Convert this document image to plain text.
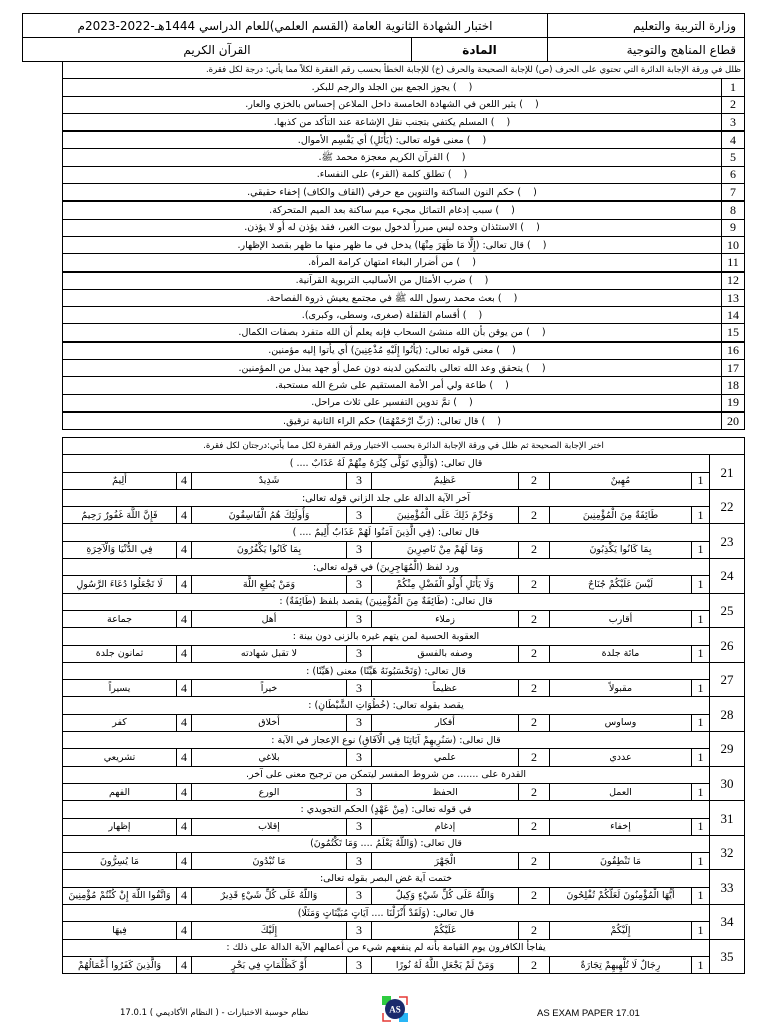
وزارة التربية والتعليم	اختبار الشهادة الثانوية العامة (القسم العلمي)للعام الدراسي 1444هـ-2022-2023م	
قطاع المناهج والتوجية	المادة	القرآن الكريم
ظلل في ورقة الإجابة الدائرة التي تحتوي على الحرف (ص) للإجابة الصحيحة والحرف (خ) للإجابة الخطأ بحسب رقم الفقرة لكلاً مما يأتي: درجة لكل فقرة.	
1	(    ) يجوز الجمع بين الجلد والرجم للبكر.
2	(    ) يثير اللعن في الشهادة الخامسة داخل الملاعن إحساس بالخزي والعار.
3	(    ) المسلم يكتفي بتجنب نقل الإشاعة عند التأكد من كذبها.
4	(    ) معنى قوله تعالى: (يَأْتَلِ) أي يَقْسِم الأموال.
5	(    ) القرآن الكريم معجزة محمد ﷺ.
6	(    ) تطلق كلمة (القرء) على النفساء.
7	(    ) حكم النون الساكنة والتنوين مع حرفي (القاف والكاف) إخفاء حقيقي.
8	(    ) سبب إدغام التماثل مجيء ميم ساكنة بعد الميم المتحركة.
9	(    ) الاستئذان وحده ليس مبرراً لدخول بيوت الغير، فقد يؤذن له أو لا يؤذن.
10	(    ) قال تعالى: (إِلَّا مَا ظَهَرَ مِنْهَا) يدخل في ما ظهر منها ما ظهر بقصد الإظهار.
11	(    ) من أضرار البغاء امتهان كرامة المرأة.
12	(    ) ضرب الأمثال من الأساليب التربوية القرآنية.
13	(    ) بعث محمد رسول الله ﷺ في مجتمع يعيش ذروة الفصاحة.
14	(    ) أقسام القلقلة (صغرى، وسطى، وكبرى).
15	(    ) من يوقن بأن الله منشئ السحاب فإنه يعلم أن الله متفرد بصفات الكمال.
16	(    ) معنى قوله تعالى: (يَأْتُوا إِلَيْهِ مُذْعِنِينَ) أي يأتوا إليه مؤمنين.
17	(    ) يتحقق وعد الله تعالى بالتمكين لدينه دون عمل أو جهد يبذل من المؤمنين.
18	(    ) طاعة ولي أمر الأمة المستقيم على شرع الله مستحبة.
19	(    ) تمَّ تدوين التفسير على ثلاث مراحل.
20	(    ) قال تعالى: (رَبِّ ارْحَمْهُمَا) حكم الراء الثانية ترقيق.
اختر الإجابة الصحيحة ثم ظلل في ورقة الإجابة الدائرة بحسب الاختيار ورقم الفقرة لكل مما يأتي:درجتان لكل فقرة.								
21	قال تعالى: (وَالَّذِي تَوَلَّى كِبْرَهُ مِنْهُمْ لَهُ عَذَابٌ .... )							
	1	مُهِينٌ	2	عَظِيمٌ	3	شَدِيدٌ	4	أَلِيمٌ
22	آخر الآية الدالة على جلد الزاني قوله تعالى:							
	1	طَائِفَةٌ مِنَ الْمُؤْمِنِينَ	2	وَحُرِّمَ ذَلِكَ عَلَى الْمُؤْمِنِينَ	3	وَأُولَئِكَ هُمُ الْفَاسِقُونَ	4	فَإِنَّ اللَّهَ غَفُورٌ رَحِيمٌ
23	قال تعالى: (فِي الَّذِينَ آمَنُوا لَهُمْ عَذَابٌ أَلِيمٌ .... )							
	1	بِمَا كَانُوا يَكْذِبُونَ	2	وَمَا لَهُمْ مِنْ نَاصِرِينَ	3	بِمَا كَانُوا يَكْفُرُونَ	4	فِي الدُّنْيَا وَالْآخِرَةِ
24	ورد لفظ (الْمُهَاجِرِينَ) في قوله تعالى:							
	1	لَيْسَ عَلَيْكُمْ جُنَاحٌ	2	وَلَا يَأْتَلِ أُولُو الْفَضْلِ مِنْكُمْ	3	وَمَنْ يُطِعِ اللَّهَ	4	لَا تَجْعَلُوا دُعَاءَ الرَّسُولِ
25	قال تعالى: (طَائِفَةٌ مِنَ الْمُؤْمِنِينَ) يقصد بلفظ (طَائِفَةٌ) :							
	1	أقارب	2	زملاء	3	أهل	4	جماعة
26	العقوبة الحسية لمن يتهم غيره بالزنى دون بينة :							
	1	مائة جلدة	2	وصفه بالفسق	3	لا تقبل شهادته	4	ثمانون جلدة
27	قال تعالى: (وَتَحْسَبُونَهُ هَيِّنًا) معنى (هَيِّنًا) :							
	1	مقبولاً	2	عظيماً	3	خيراً	4	يسيراً
28	يقصد بقوله تعالى: (خُطُوَاتِ الشَّيْطَانِ) :							
	1	وساوس	2	أفكار	3	أخلاق	4	كفر
29	قال تعالى: (سَنُرِيهِمْ آيَاتِنَا فِي الْآفَاقِ) نوع الإعجاز في الآية :							
	1	عددي	2	علمي	3	بلاغي	4	تشريعي
30	القدرة على ....... من شروط المفسر ليتمكن من ترجيح معنى على آخر.							
	1	العمل	2	الحفظ	3	الورع	4	الفهم
31	في قوله تعالى: (مِنْ عَهْدٍ) الحكم التجويدي :							
	1	إخفاء	2	إدغام	3	إقلاب	4	إظهار
32	قال تعالى: (وَاللَّهُ يَعْلَمُ .... وَمَا تَكْتُمُونَ)							
	1	مَا تَنْطِقُونَ	2	الْجَهْرَ	3	مَا تُبْدُونَ	4	مَا يُسِرُّونَ
33	ختمت آية غض البصر بقوله تعالى:							
	1	أَيُّهَا الْمُؤْمِنُونَ لَعَلَّكُمْ تُفْلِحُونَ	2	وَاللَّهُ عَلَى كُلِّ شَيْءٍ وَكِيلٌ	3	وَاللَّهُ عَلَى كُلِّ شَيْءٍ قَدِيرٌ	4	وَاتَّقُوا اللَّهَ إِنْ كُنْتُمْ مُؤْمِنِينَ
34	قال تعالى: (وَلَقَدْ أَنْزَلْنَا .... آيَاتٍ مُبَيِّنَاتٍ وَمَثَلًا)							
	1	إِلَيْكُمْ	2	عَلَيْكُمْ	3	إِلَيْكَ	4	فِيهَا
35	يفاجأ الكافرون يوم القيامة بأنه لم ينفعهم شيء من أعمالهم الآية الدالة على ذلك :							
	1	رِجَالٌ لَا تُلْهِيهِمْ تِجَارَةٌ	2	وَمَنْ لَمْ يَجْعَلِ اللَّهُ لَهُ نُورًا	3	أَوْ كَظُلُمَاتٍ فِي بَحْرٍ	4	وَالَّذِينَ كَفَرُوا أَعْمَالُهُمْ
نظام حوسبة الاختبارات - ( النظام الأكاديمي ) 17.0.1	AS	AS EXAM PAPER 17.01
